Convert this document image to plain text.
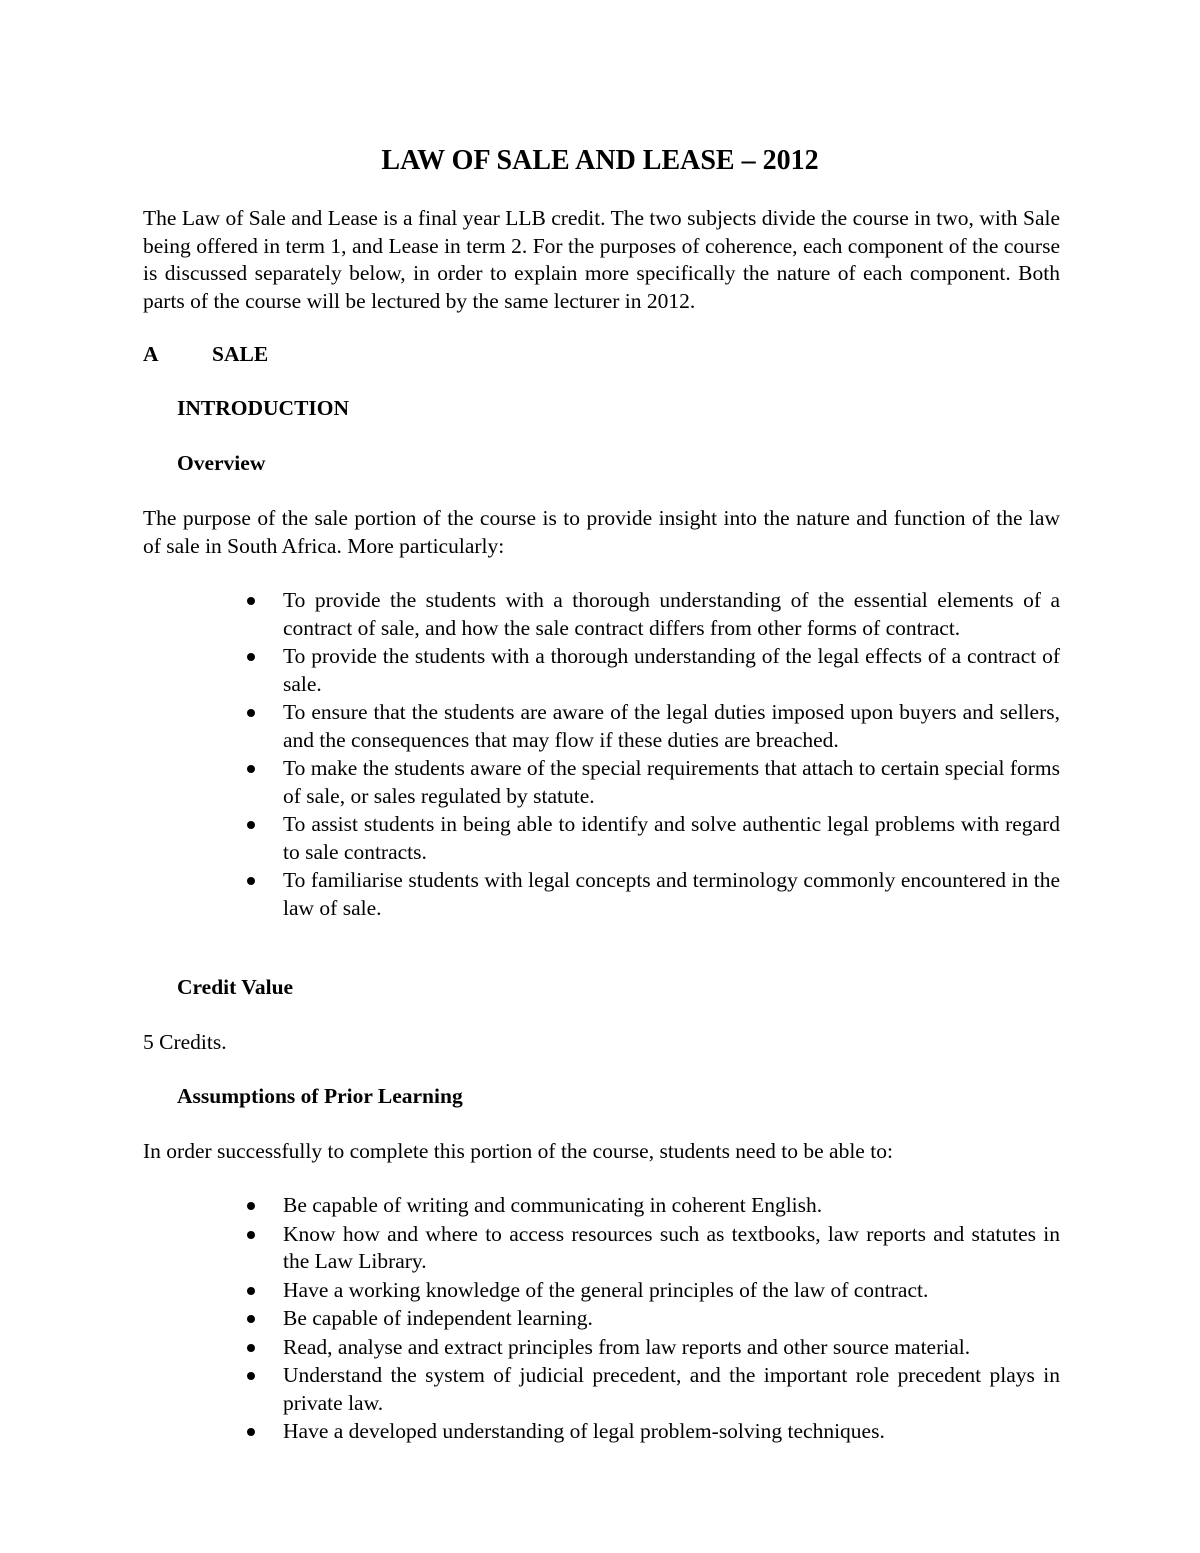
LAW OF SALE AND LEASE – 2012
The Law of Sale and Lease is a final year LLB credit. The two subjects divide the course in two, with Sale being offered in term 1, and Lease in term 2. For the purposes of coherence, each component of the course is discussed separately below, in order to explain more specifically the nature of each component. Both parts of the course will be lectured by the same lecturer in 2012.
A SALE
INTRODUCTION
Overview
The purpose of the sale portion of the course is to provide insight into the nature and function of the law of sale in South Africa. More particularly:
To provide the students with a thorough understanding of the essential elements of a contract of sale, and how the sale contract differs from other forms of contract.
To provide the students with a thorough understanding of the legal effects of a contract of sale.
To ensure that the students are aware of the legal duties imposed upon buyers and sellers, and the consequences that may flow if these duties are breached.
To make the students aware of the special requirements that attach to certain special forms of sale, or sales regulated by statute.
To assist students in being able to identify and solve authentic legal problems with regard to sale contracts.
To familiarise students with legal concepts and terminology commonly encountered in the law of sale.
Credit Value
5 Credits.
Assumptions of Prior Learning
In order successfully to complete this portion of the course, students need to be able to:
Be capable of writing and communicating in coherent English.
Know how and where to access resources such as textbooks, law reports and statutes in the Law Library.
Have a working knowledge of the general principles of the law of contract.
Be capable of independent learning.
Read, analyse and extract principles from law reports and other source material.
Understand the system of judicial precedent, and the important role precedent plays in private law.
Have a developed understanding of legal problem-solving techniques.
